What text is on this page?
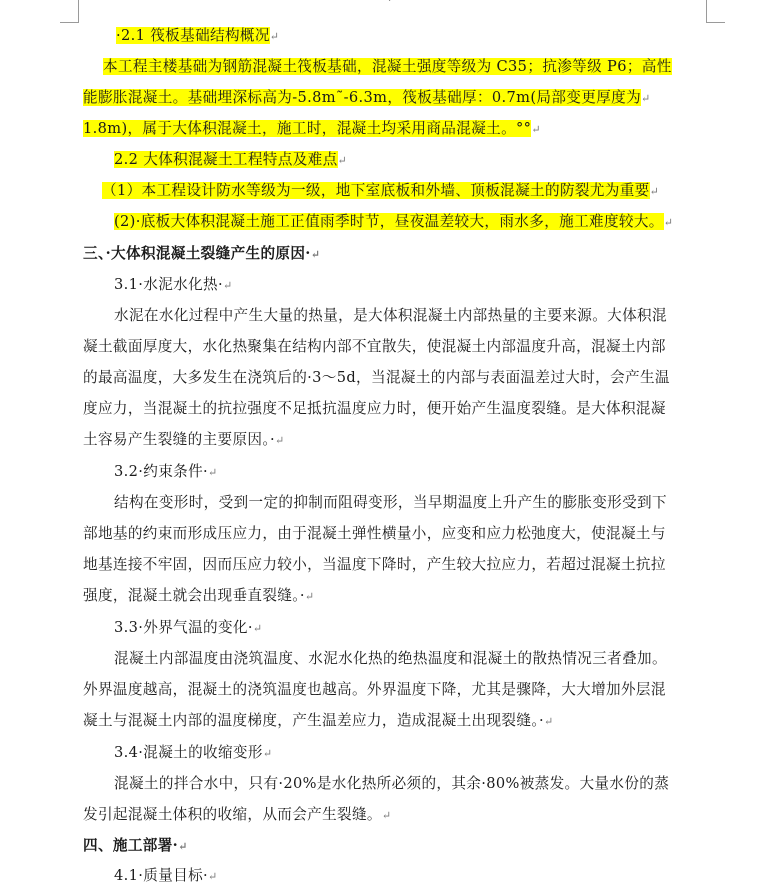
·
·2.1 筏板基础结构概况↵
本工程主楼基础为钢筋混凝土筏板基础，混凝土强度等级为 C35；抗渗等级 P6；高性
能膨胀混凝土。基础埋深标高为-5.8m˜-6.3m，筏板基础厚：0.7m(局部变更厚度为↵
1.8m)，属于大体积混凝土，施工时，混凝土均采用商品混凝土。°°↵
2.2 大体积混凝土工程特点及难点↵
（1）本工程设计防水等级为一级，地下室底板和外墙、顶板混凝土的防裂尤为重要↵
(2)·底板大体积混凝土施工正值雨季时节，昼夜温差较大，雨水多，施工难度较大。↵
三、·大体积混凝土裂缝产生的原因·↵
3.1·水泥水化热·↵
水泥在水化过程中产生大量的热量，是大体积混凝土内部热量的主要来源。大体积混
凝土截面厚度大，水化热聚集在结构内部不宜散失，使混凝土内部温度升高，混凝土内部
的最高温度，大多发生在浇筑后的·3～5d，当混凝土的内部与表面温差过大时，会产生温
度应力，当混凝土的抗拉强度不足抵抗温度应力时，便开始产生温度裂缝。是大体积混凝
土容易产生裂缝的主要原因。·↵
3.2·约束条件·↵
结构在变形时，受到一定的抑制而阻碍变形，当早期温度上升产生的膨胀变形受到下
部地基的约束而形成压应力，由于混凝土弹性横量小，应变和应力松弛度大，使混凝土与
地基连接不牢固，因而压应力较小，当温度下降时，产生较大拉应力，若超过混凝土抗拉
强度，混凝土就会出现垂直裂缝。·↵
3.3·外界气温的变化·↵
混凝土内部温度由浇筑温度、水泥水化热的绝热温度和混凝土的散热情况三者叠加。
外界温度越高，混凝土的浇筑温度也越高。外界温度下降，尤其是骤降，大大增加外层混
凝土与混凝土内部的温度梯度，产生温差应力，造成混凝土出现裂缝。·↵
3.4·混凝土的收缩变形↵
混凝土的拌合水中，只有·20%是水化热所必须的，其余·80%被蒸发。大量水份的蒸
发引起混凝土体积的收缩，从而会产生裂缝。↵
四、施工部署·↵
4.1·质量目标·↵
